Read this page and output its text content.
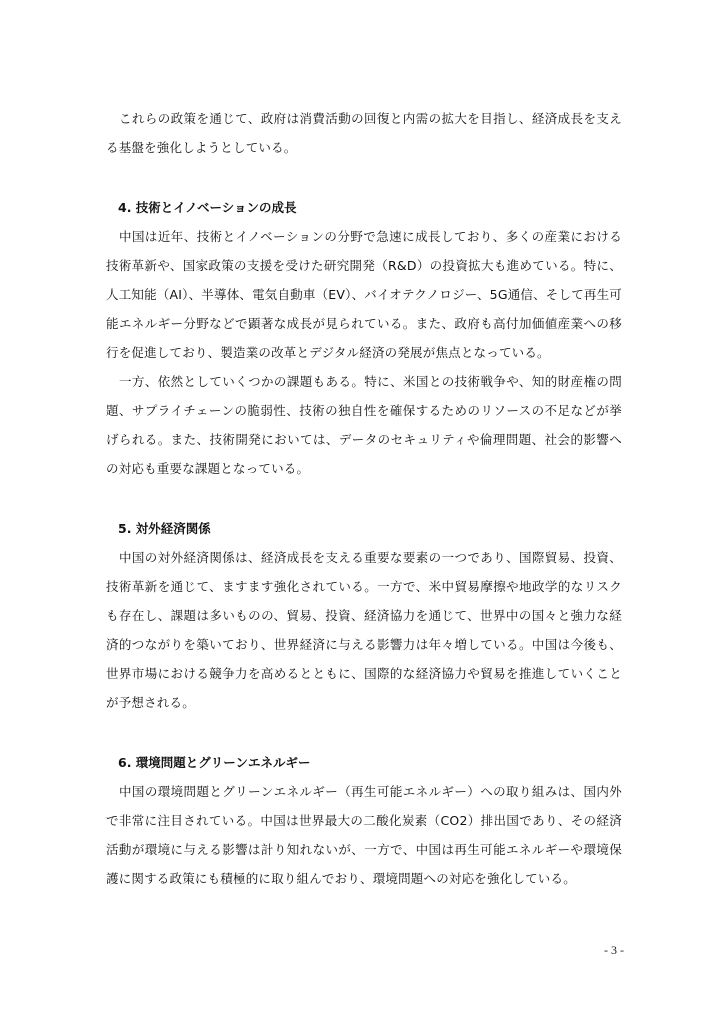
これらの政策を通じて、政府は消費活動の回復と内需の拡大を目指し、経済成長を支える基盤を強化しようとしている。

4. 技術とイノベーションの成長

中国は近年、技術とイノベーションの分野で急速に成長しており、多くの産業における技術革新や、国家政策の支援を受けた研究開発（R&D）の投資拡大も進めている。特に、人工知能（AI）、半導体、電気自動車（EV）、バイオテクノロジー、5G通信、そして再生可能エネルギー分野などで顕著な成長が見られている。また、政府も高付加価値産業への移行を促進しており、製造業の改革とデジタル経済の発展が焦点となっている。

一方、依然としていくつかの課題もある。特に、米国との技術戦争や、知的財産権の問題、サプライチェーンの脆弱性、技術の独自性を確保するためのリソースの不足などが挙げられる。また、技術開発においては、データのセキュリティや倫理問題、社会的影響への対応も重要な課題となっている。

5. 対外経済関係

中国の対外経済関係は、経済成長を支える重要な要素の一つであり、国際貿易、投資、技術革新を通じて、ますます強化されている。一方で、米中貿易摩擦や地政学的なリスクも存在し、課題は多いものの、貿易、投資、経済協力を通じて、世界中の国々と強力な経済的つながりを築いており、世界経済に与える影響力は年々増している。中国は今後も、世界市場における競争力を高めるとともに、国際的な経済協力や貿易を推進していくことが予想される。

6. 環境問題とグリーンエネルギー

中国の環境問題とグリーンエネルギー（再生可能エネルギー）への取り組みは、国内外で非常に注目されている。中国は世界最大の二酸化炭素（CO2）排出国であり、その経済活動が環境に与える影響は計り知れないが、一方で、中国は再生可能エネルギーや環境保護に関する政策にも積極的に取り組んでおり、環境問題への対応を強化している。

- 3 -
